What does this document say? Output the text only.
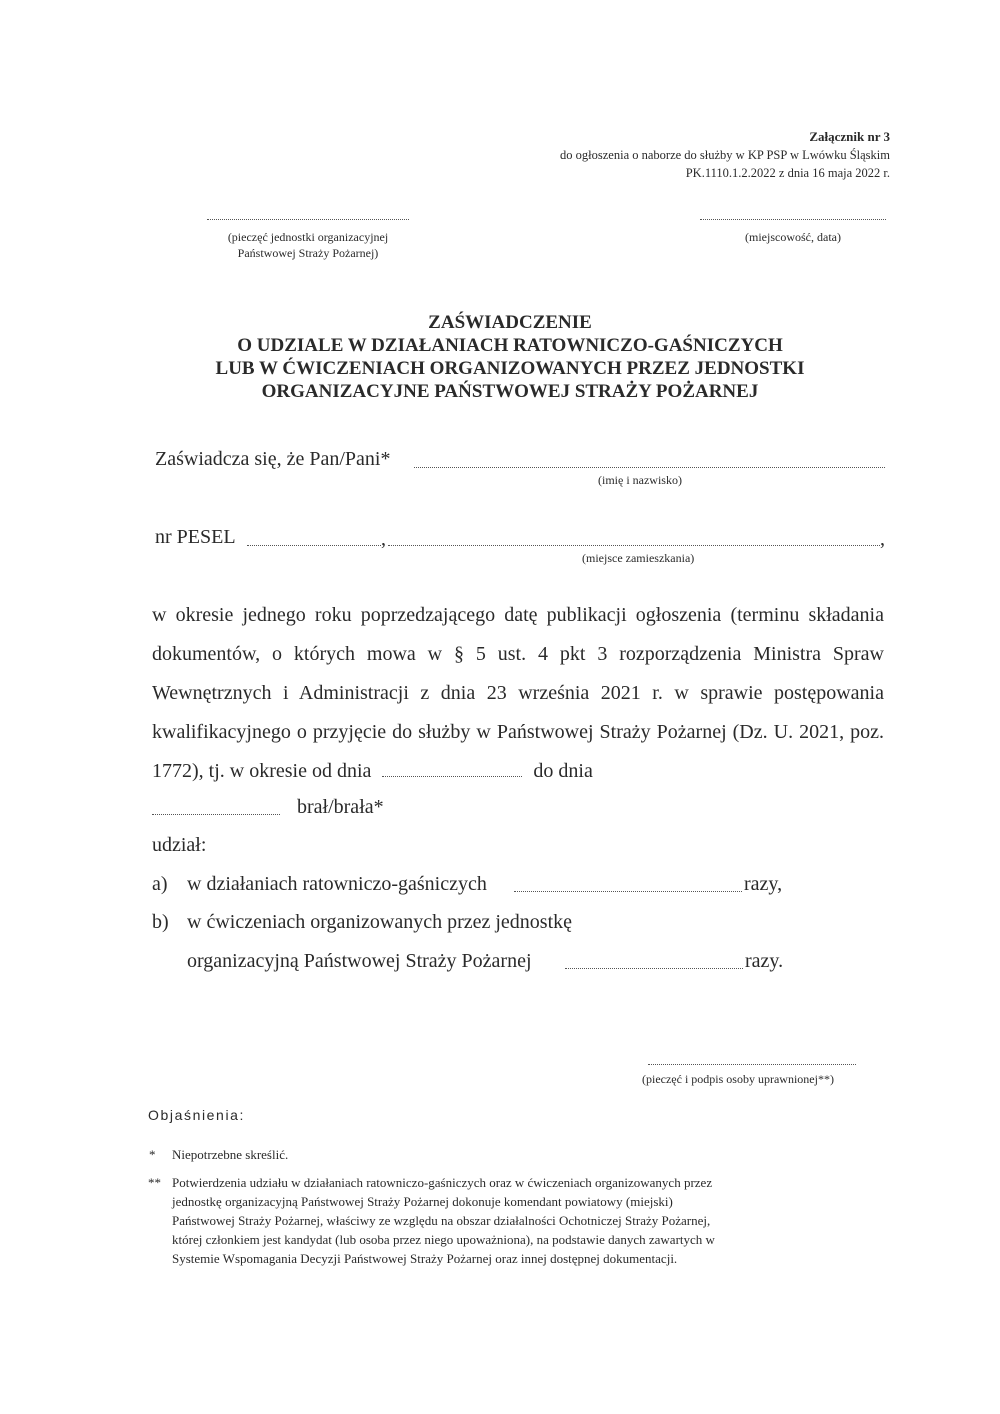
Załącznik nr 3
do ogłoszenia o naborze do służby w KP PSP w Lwówku Śląskim
PK.1110.1.2.2022 z dnia 16 maja 2022 r.
(pieczęć jednostki organizacyjnej
Państwowej Straży Pożarnej)
(miejscowość, data)
ZAŚWIADCZENIE
O UDZIALE W DZIAŁANIACH RATOWNICZO-GAŚNICZYCH
LUB W ĆWICZENIACH ORGANIZOWANYCH PRZEZ JEDNOSTKI
ORGANIZACYJNE PAŃSTWOWEJ STRAŻY POŻARNEJ
Zaświadcza się, że Pan/Pani*
(imię i nazwisko)
nr PESEL	,	,
(miejsce zamieszkania)
w okresie jednego roku poprzedzającego datę publikacji ogłoszenia (terminu składania dokumentów, o których mowa w § 5 ust. 4 pkt 3 rozporządzenia Ministra Spraw Wewnętrznych i Administracji z dnia 23 września 2021 r. w sprawie postępowania kwalifikacyjnego o przyjęcie do służby w Państwowej Straży Pożarnej (Dz. U. 2021, poz. 1772), tj. w okresie od dnia	do dnia
brał/brała*
udział:
a) w działaniach ratowniczo-gaśniczych	razy,
b) w ćwiczeniach organizowanych przez jednostkę
organizacyjną Państwowej Straży Pożarnej	razy.
(pieczęć i podpis osoby uprawnionej**)
Objaśnienia:
* Niepotrzebne skreślić.
** Potwierdzenia udziału w działaniach ratowniczo-gaśniczych oraz w ćwiczeniach organizowanych przez
jednostkę organizacyjną Państwowej Straży Pożarnej dokonuje komendant powiatowy (miejski)
Państwowej Straży Pożarnej, właściwy ze względu na obszar działalności Ochotniczej Straży Pożarnej,
której członkiem jest kandydat (lub osoba przez niego upoważniona), na podstawie danych zawartych w
Systemie Wspomagania Decyzji Państwowej Straży Pożarnej oraz innej dostępnej dokumentacji.
